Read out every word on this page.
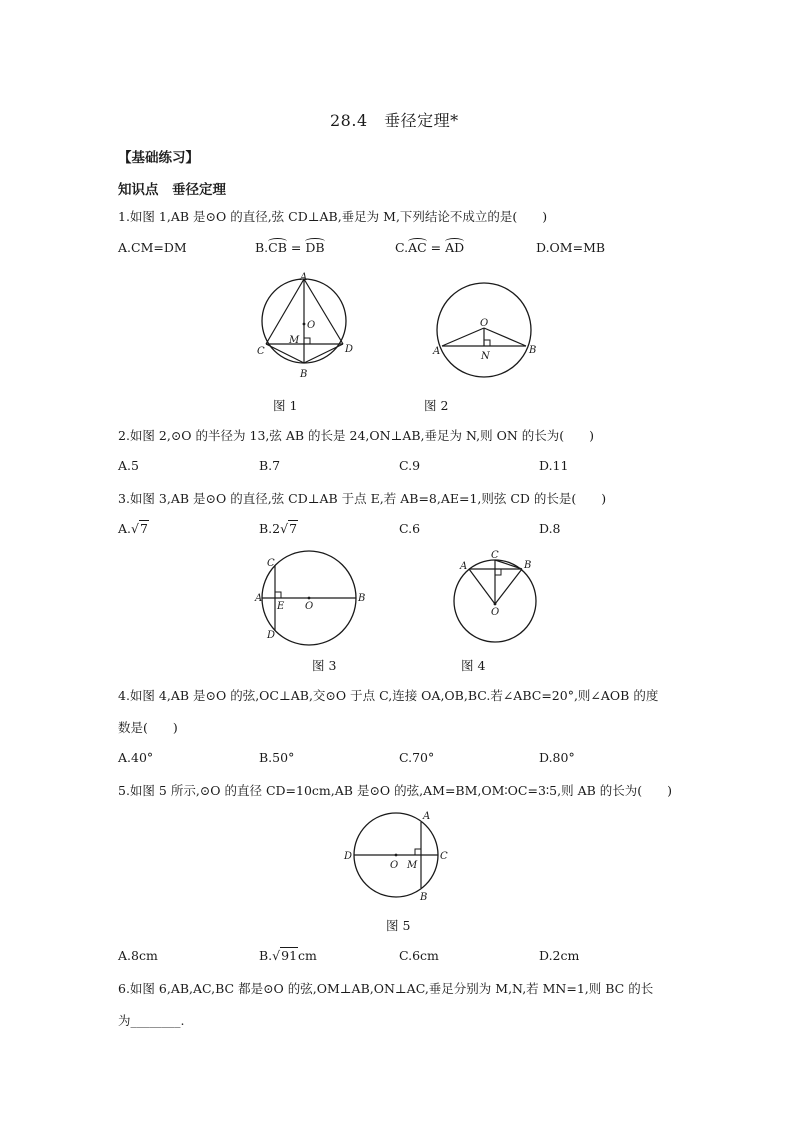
28.4　垂径定理*
【基础练习】
知识点　垂径定理
1.如图 1,AB 是⊙O 的直径,弦 CD⊥AB,垂足为 M,下列结论不成立的是(　　)
A.CM=DM	B.CB = DB	C.AC = AD	D.OM=MB
A
O
M
C	D
B
图 1
O
A	N
B
图 2
2.如图 2,⊙O 的半径为 13,弦 AB 的长是 24,ON⊥AB,垂足为 N,则 ON 的长为(　　)
A.5	B.7	C.9	D.11
3.如图 3,AB 是⊙O 的直径,弦 CD⊥AB 于点 E,若 AB=8,AE=1,则弦 CD 的长是(　　)
A.√7	B.2√7	C.6	D.8
C
A
E O
B
D
图 3
C
A	B
O
图 4
4.如图 4,AB 是⊙O 的弦,OC⊥AB,交⊙O 于点 C,连接 OA,OB,BC.若∠ABC=20°,则∠AOB 的度
数是(　　)
A.40°	B.50°	C.70°	D.80°
5.如图 5 所示,⊙O 的直径 CD=10cm,AB 是⊙O 的弦,AM=BM,OM∶OC=3∶5,则 AB 的长为(　　)
A
D
O M
C
B
图 5
A.8cm	B.√91cm	C.6cm	D.2cm
6.如图 6,AB,AC,BC 都是⊙O 的弦,OM⊥AB,ON⊥AC,垂足分别为 M,N,若 MN=1,则 BC 的长
为________.
